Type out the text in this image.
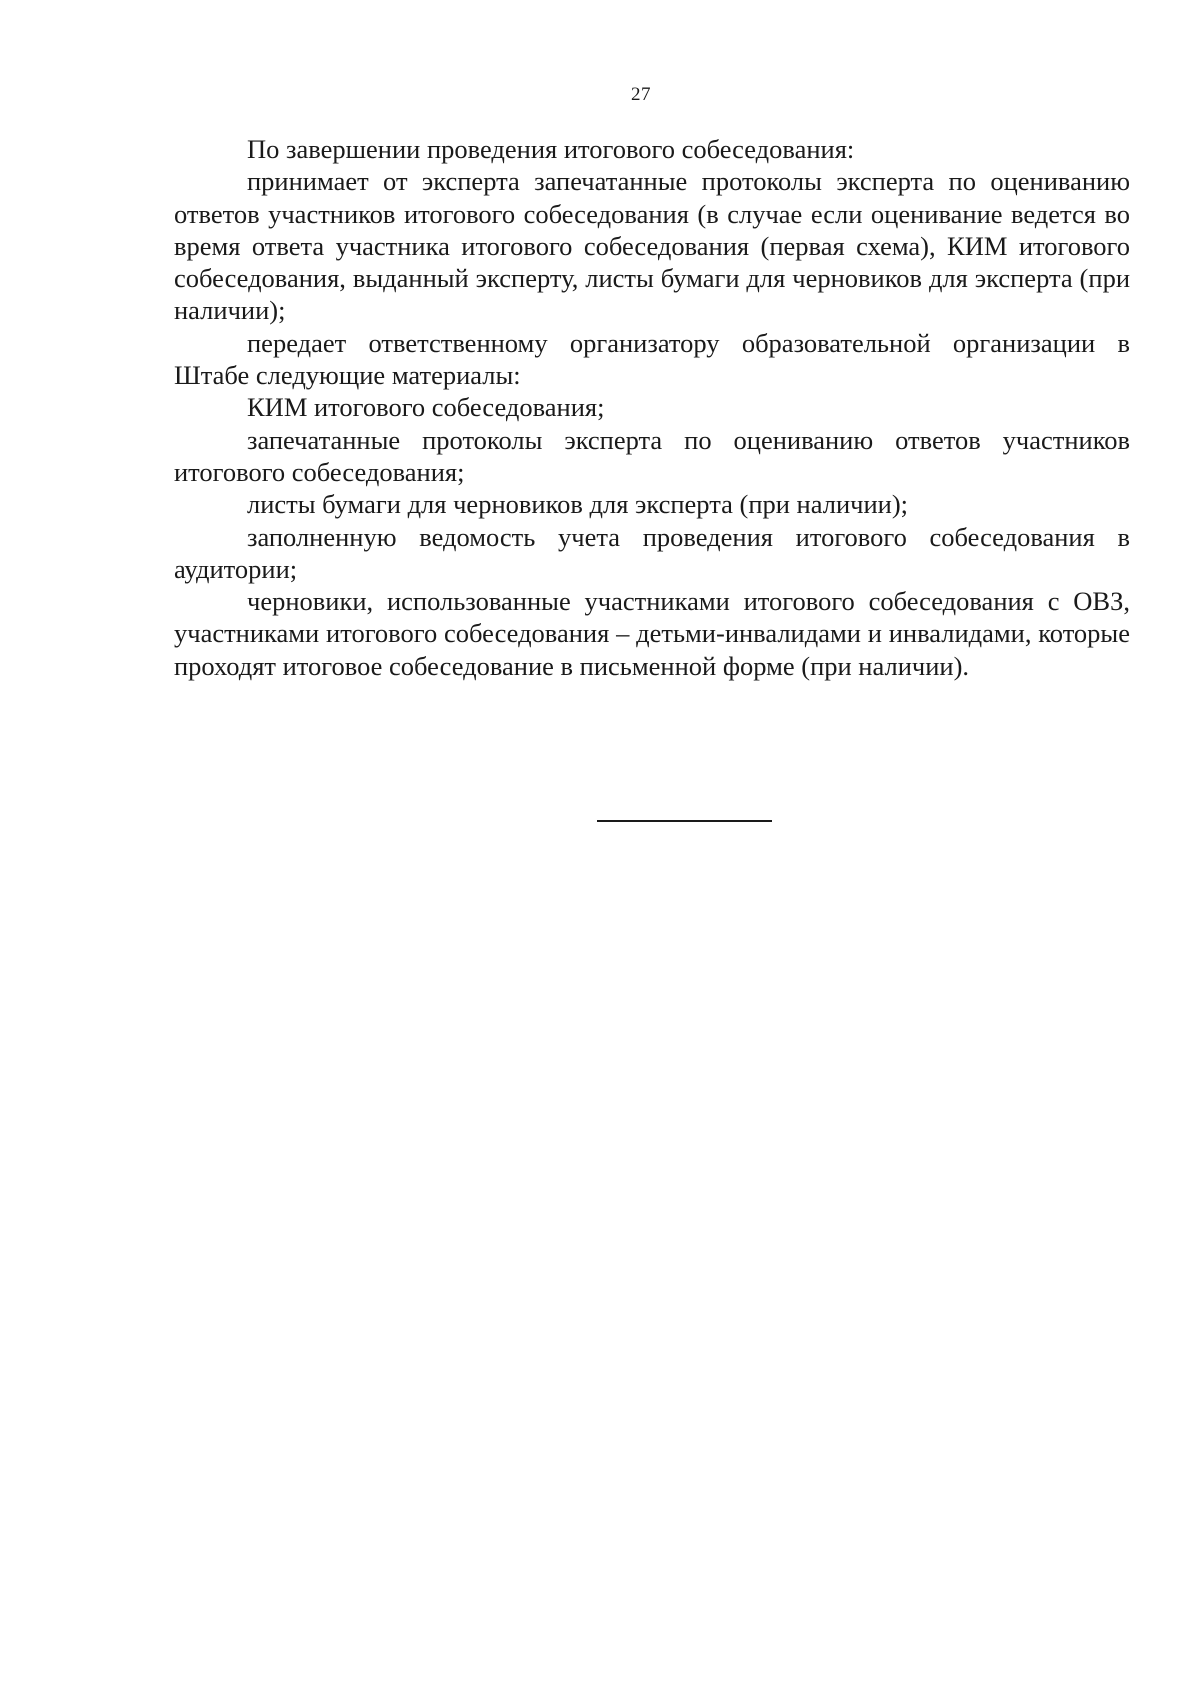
27

По завершении проведения итогового собеседования:

принимает от эксперта запечатанные протоколы эксперта по оцениванию ответов участников итогового собеседования (в случае если оценивание ведется во время ответа участника итогового собеседования (первая схема), КИМ итогового собеседования, выданный эксперту, листы бумаги для черновиков для эксперта (при наличии);

передает ответственному организатору образовательной организации в Штабе следующие материалы:

КИМ итогового собеседования;

запечатанные протоколы эксперта по оцениванию ответов участников итогового собеседования;

листы бумаги для черновиков для эксперта (при наличии);

заполненную ведомость учета проведения итогового собеседования в аудитории;

черновики, использованные участниками итогового собеседования с ОВЗ, участниками итогового собеседования – детьми-инвалидами и инвалидами, которые проходят итоговое собеседование в письменной форме (при наличии).
